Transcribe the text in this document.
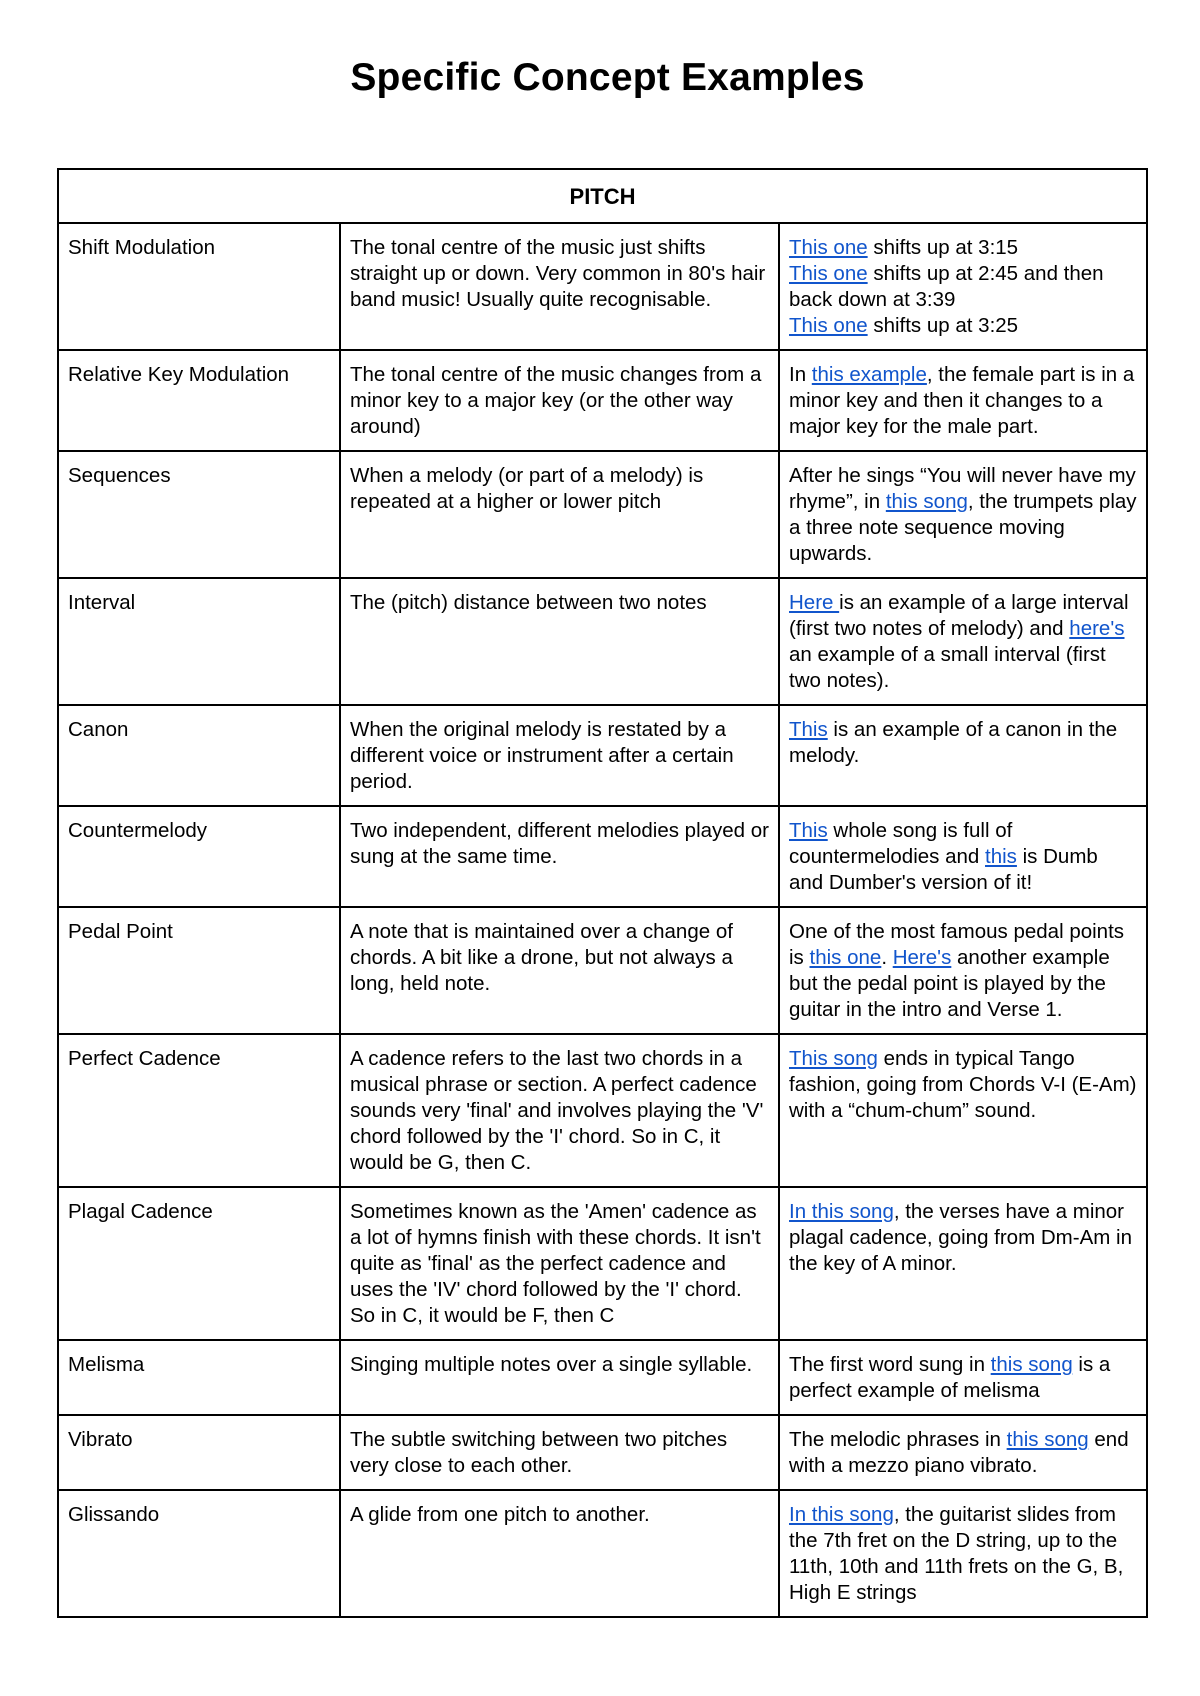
Specific Concept Examples
PITCH		
Shift Modulation	The tonal centre of the music just shifts straight up or down. Very common in 80's hair band music! Usually quite recognisable.	This one shifts up at 3:15
This one shifts up at 2:45 and then back down at 3:39
This one shifts up at 3:25
Relative Key Modulation	The tonal centre of the music changes from a minor key to a major key (or the other way around)	In this example, the female part is in a minor key and then it changes to a major key for the male part.
Sequences	When a melody (or part of a melody) is repeated at a higher or lower pitch	After he sings “You will never have my rhyme”, in this song, the trumpets play a three note sequence moving upwards.
Interval	The (pitch) distance between two notes	Here is an example of a large interval (first two notes of melody) and here's an example of a small interval (first two notes).
Canon	When the original melody is restated by a different voice or instrument after a certain period.	This is an example of a canon in the melody.
Countermelody	Two independent, different melodies played or sung at the same time.	This whole song is full of countermelodies and this is Dumb and Dumber's version of it!
Pedal Point	A note that is maintained over a change of chords. A bit like a drone, but not always a long, held note.	One of the most famous pedal points is this one. Here's another example but the pedal point is played by the guitar in the intro and Verse 1.
Perfect Cadence	A cadence refers to the last two chords in a musical phrase or section. A perfect cadence sounds very 'final' and involves playing the 'V' chord followed by the 'I' chord. So in C, it would be G, then C.	This song ends in typical Tango fashion, going from Chords V-I (E-Am) with a “chum-chum” sound.
Plagal Cadence	Sometimes known as the 'Amen' cadence as a lot of hymns finish with these chords. It isn't quite as 'final' as the perfect cadence and uses the 'IV' chord followed by the 'I' chord. So in C, it would be F, then C	In this song, the verses have a minor plagal cadence, going from Dm-Am in the key of A minor.
Melisma	Singing multiple notes over a single syllable.	The first word sung in this song is a perfect example of melisma
Vibrato	The subtle switching between two pitches very close to each other.	The melodic phrases in this song end with a mezzo piano vibrato.
Glissando	A glide from one pitch to another.	In this song, the guitarist slides from the 7th fret on the D string, up to the 11th, 10th and 11th frets on the G, B, High E strings
